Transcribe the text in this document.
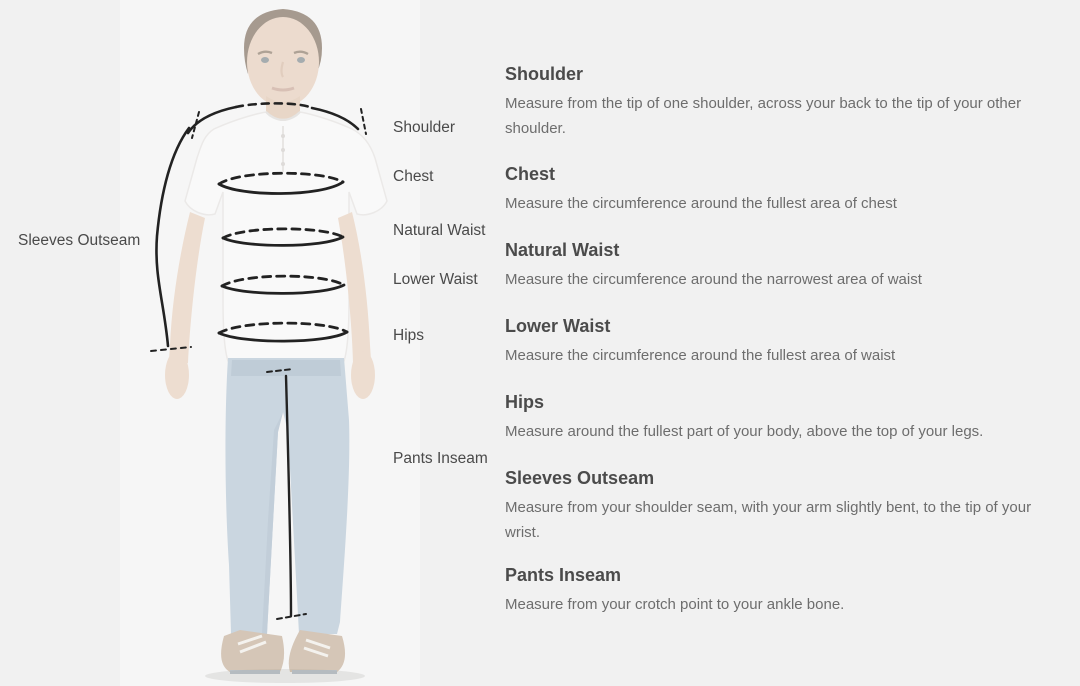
Sleeves Outseam
Shoulder
Chest
Natural Waist
Lower Waist
Hips
Pants Inseam
Shoulder

Measure from the tip of one shoulder, across your back to the tip of your other shoulder.

Chest

Measure the circumference around the fullest area of chest

Natural Waist

Measure the circumference around the narrowest area of waist

Lower Waist

Measure the circumference around the fullest area of waist

Hips

Measure around the fullest part of your body, above the top of your legs.

Sleeves Outseam

Measure from your shoulder seam, with your arm slightly bent, to the tip of your wrist.

Pants Inseam

Measure from your crotch point to your ankle bone.
